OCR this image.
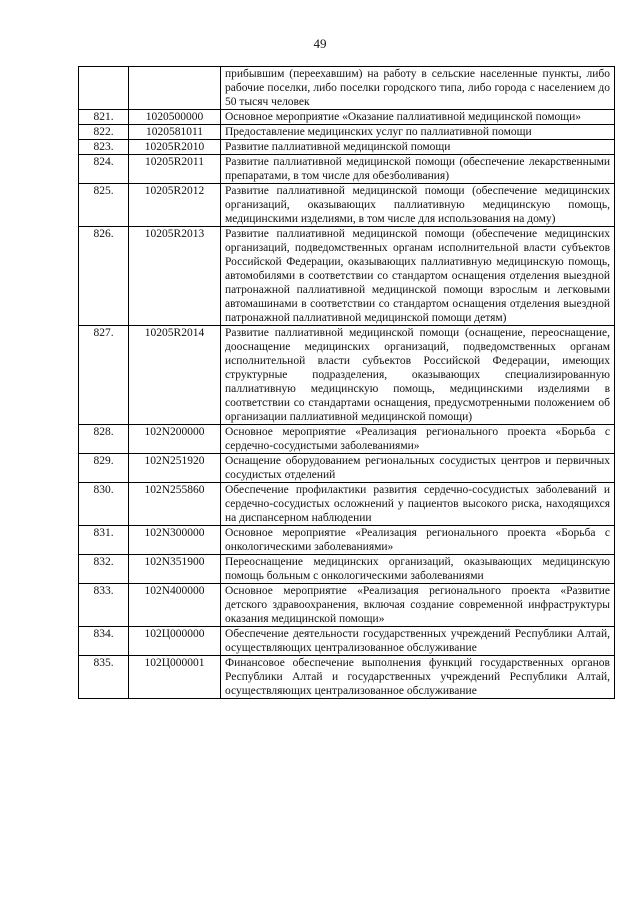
49
		прибывшим (переехавшим) на работу в сельские населенные пункты, либо рабочие поселки, либо поселки городского типа, либо города с населением до 50 тысяч человек
821.	1020500000	Основное мероприятие «Оказание паллиативной медицинской помощи»
822.	1020581011	Предоставление медицинских услуг по паллиативной помощи
823.	10205R2010	Развитие паллиативной медицинской помощи
824.	10205R2011	Развитие паллиативной медицинской помощи (обеспечение лекарственными препаратами, в том числе для обезболивания)
825.	10205R2012	Развитие паллиативной медицинской помощи (обеспечение медицинских организаций, оказывающих паллиативную медицинскую помощь, медицинскими изделиями, в том числе для использования на дому)
826.	10205R2013	Развитие паллиативной медицинской помощи (обеспечение медицинских организаций, подведомственных органам исполнительной власти субъектов Российской Федерации, оказывающих паллиативную медицинскую помощь, автомобилями в соответствии со стандартом оснащения отделения выездной патронажной паллиативной медицинской помощи взрослым и легковыми автомашинами в соответствии со стандартом оснащения отделения выездной патронажной паллиативной медицинской помощи детям)
827.	10205R2014	Развитие паллиативной медицинской помощи (оснащение, переоснащение, дооснащение медицинских организаций, подведомственных органам исполнительной власти субъектов Российской Федерации, имеющих структурные подразделения, оказывающих специализированную паллиативную медицинскую помощь, медицинскими изделиями в соответствии со стандартами оснащения, предусмотренными положением об организации паллиативной медицинской помощи)
828.	102N200000	Основное мероприятие «Реализация регионального проекта «Борьба с сердечно-сосудистыми заболеваниями»
829.	102N251920	Оснащение оборудованием региональных сосудистых центров и первичных сосудистых отделений
830.	102N255860	Обеспечение профилактики развития сердечно-сосудистых заболеваний и сердечно-сосудистых осложнений у пациентов высокого риска, находящихся на диспансерном наблюдении
831.	102N300000	Основное мероприятие «Реализация регионального проекта «Борьба с онкологическими заболеваниями»
832.	102N351900	Переоснащение медицинских организаций, оказывающих медицинскую помощь больным с онкологическими заболеваниями
833.	102N400000	Основное мероприятие «Реализация регионального проекта «Развитие детского здравоохранения, включая создание современной инфраструктуры оказания медицинской помощи»
834.	102Ц000000	Обеспечение деятельности государственных учреждений Республики Алтай, осуществляющих централизованное обслуживание
835.	102Ц000001	Финансовое обеспечение выполнения функций государственных органов Республики Алтай и государственных учреждений Республики Алтай, осуществляющих централизованное обслуживание
